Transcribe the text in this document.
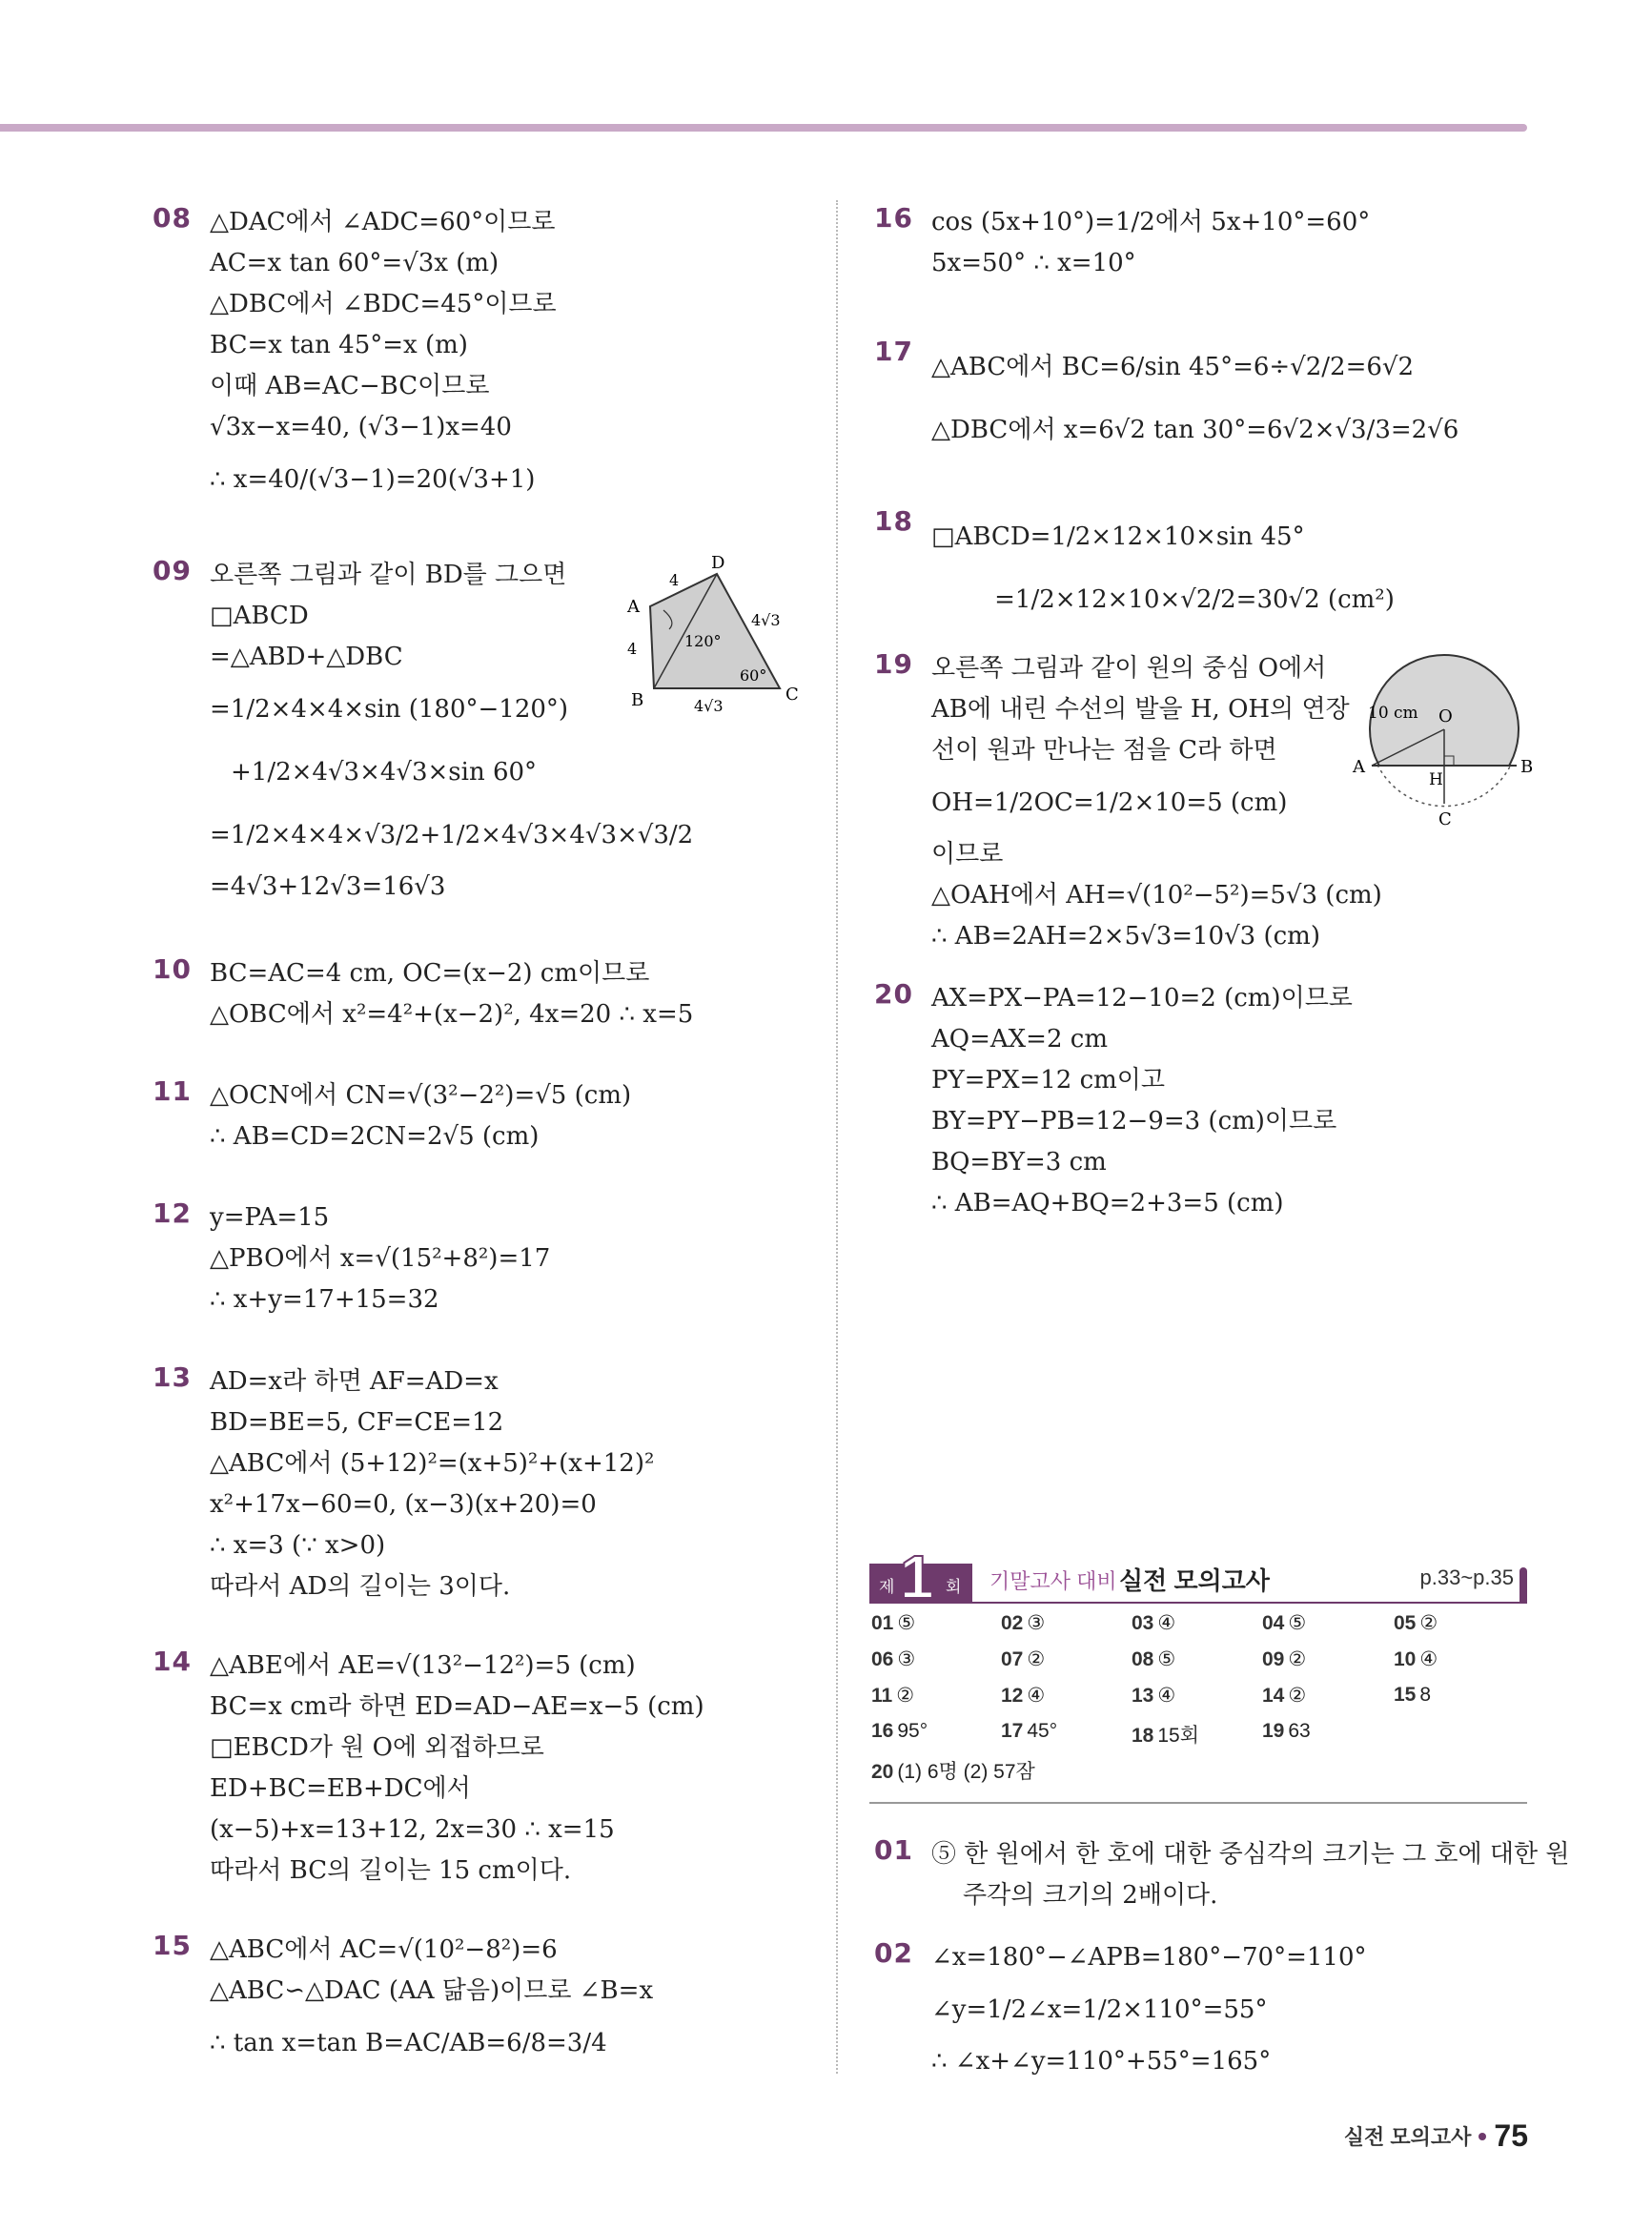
08 △DAC에서 ∠ADC=60°이므로
AC=x tan 60°=√3x (m)
△DBC에서 ∠BDC=45°이므로
BC=x tan 45°=x (m)
이때 AB=AC−BC이므로
√3x−x=40, (√3−1)x=40
∴ x=40/(√3−1)=20(√3+1)
09 오른쪽 그림과 같이 BD를 그으면
□ABCD
=△ABD+△DBC
=1/2×4×4×sin (180°−120°)
+1/2×4√3×4√3×sin 60°
=1/2×4×4×√3/2+1/2×4√3×4√3×√3/2
=4√3+12√3=16√3
D
A
B	C
4
4
4√3
4√3
120°
60°
10 BC=AC=4 cm, OC=(x−2) cm이므로
△OBC에서 x²=4²+(x−2)², 4x=20 ∴ x=5
11 △OCN에서 CN=√(3²−2²)=√5 (cm)
∴ AB=CD=2CN=2√5 (cm)
12 y=PA=15
△PBO에서 x=√(15²+8²)=17
∴ x+y=17+15=32
13 AD=x라 하면 AF=AD=x
BD=BE=5, CF=CE=12
△ABC에서 (5+12)²=(x+5)²+(x+12)²
x²+17x−60=0, (x−3)(x+20)=0
∴ x=3 (∵ x>0)
따라서 AD의 길이는 3이다.
14 △ABE에서 AE=√(13²−12²)=5 (cm)
BC=x cm라 하면 ED=AD−AE=x−5 (cm)
□EBCD가 원 O에 외접하므로
ED+BC=EB+DC에서
(x−5)+x=13+12, 2x=30 ∴ x=15
따라서 BC의 길이는 15 cm이다.
15 △ABC에서 AC=√(10²−8²)=6
△ABC∽△DAC (AA 닮음)이므로 ∠B=x
∴ tan x=tan B=AC/AB=6/8=3/4
16 cos (5x+10°)=1/2에서 5x+10°=60°
5x=50° ∴ x=10°
17 △ABC에서 BC=6/sin 45°=6÷√2/2=6√2
△DBC에서 x=6√2 tan 30°=6√2×√3/3=2√6
18 □ABCD=1/2×12×10×sin 45°
=1/2×12×10×√2/2=30√2 (cm²)
19 오른쪽 그림과 같이 원의 중심 O에서
AB에 내린 수선의 발을 H, OH의 연장
선이 원과 만나는 점을 C라 하면
OH=1/2OC=1/2×10=5 (cm)
이므로
△OAH에서 AH=√(10²−5²)=5√3 (cm)
∴ AB=2AH=2×5√3=10√3 (cm)
10 cm O
A
H
B
C
20 AX=PX−PA=12−10=2 (cm)이므로
AQ=AX=2 cm
PY=PX=12 cm이고
BY=PY−PB=12−9=3 (cm)이므로
BQ=BY=3 cm
∴ AB=AQ+BQ=2+3=5 (cm)
1
제	회 기말고사 대비 실전 모의고사	p.33~p.35
01 ⑤	02 ③	03 ④	04 ⑤	05 ②
06 ③	07 ②	08 ⑤	09 ②	10 ④
11 ②	12 ④	13 ④	14 ②	15 8
16 95°	17 45°	18 15회	19 63
20 (1) 6명 (2) 57잠
01 ⑤ 한 원에서 한 호에 대한 중심각의 크기는 그 호에 대한 원
주각의 크기의 2배이다.
02 ∠x=180°−∠APB=180°−70°=110°
∠y=1/2∠x=1/2×110°=55°
∴ ∠x+∠y=110°+55°=165°
실전 모의고사 75
